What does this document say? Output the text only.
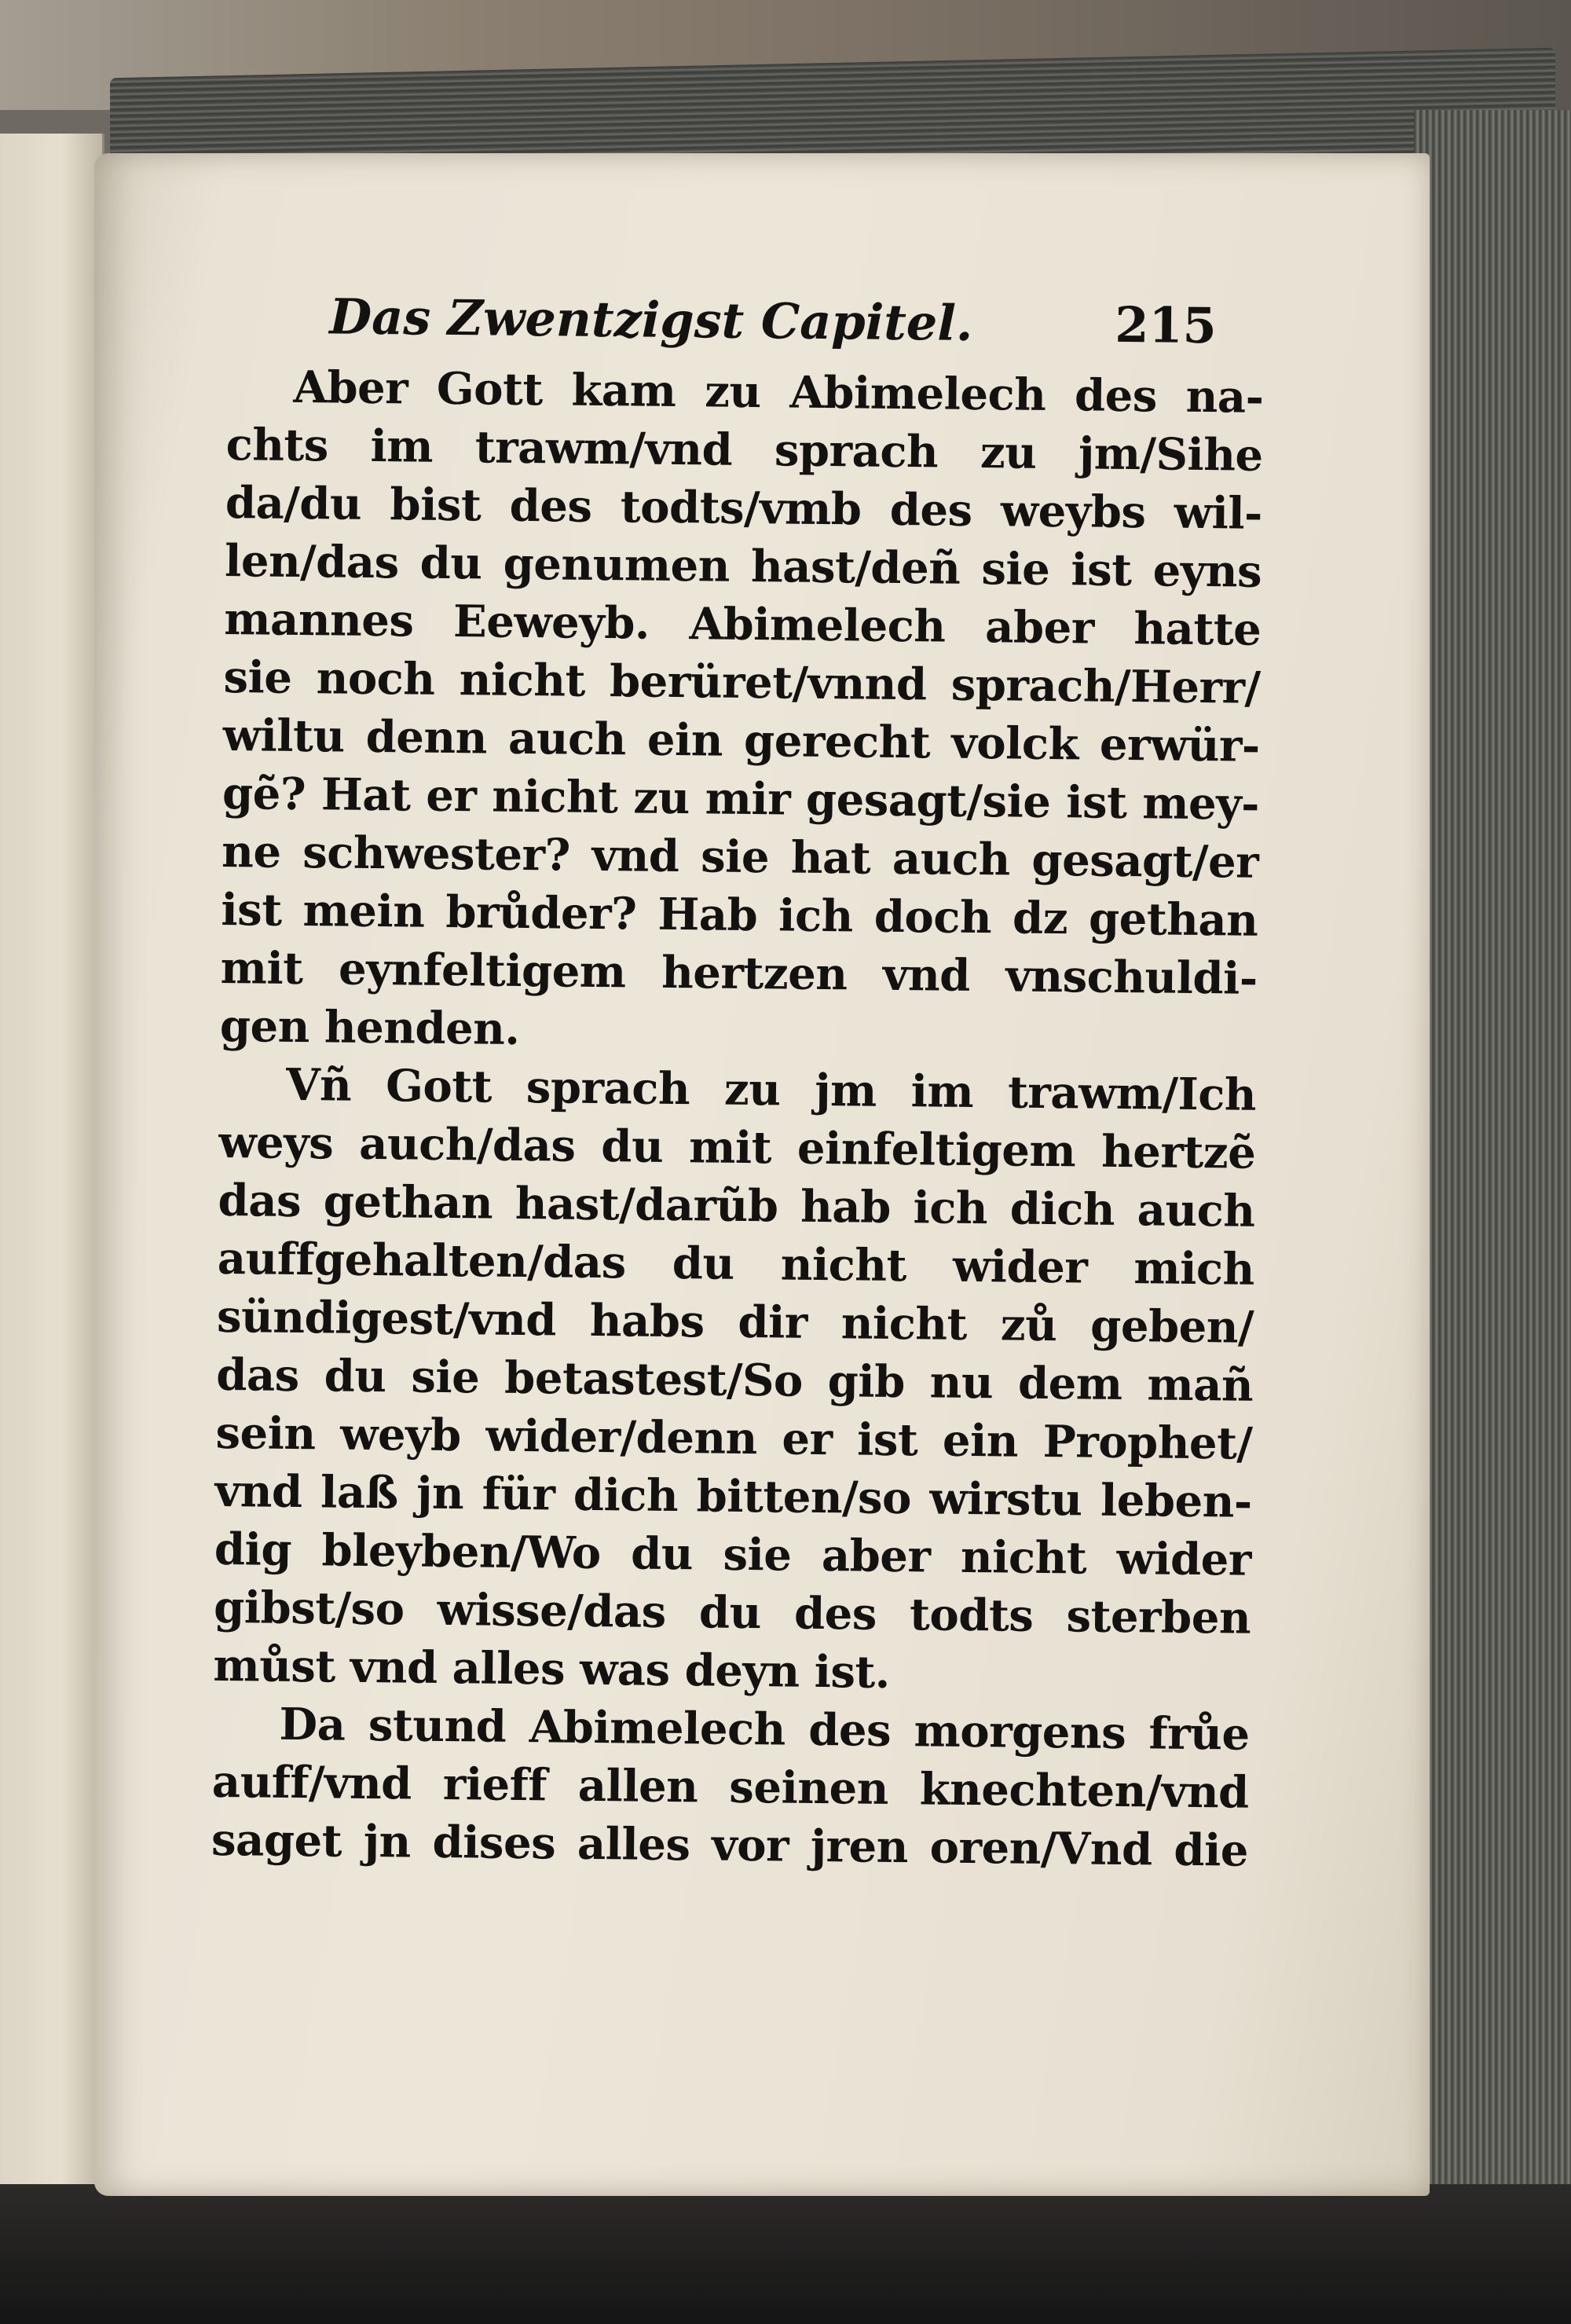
Das Zwentzigst Capitel.	215
Aber Gott kam zu Abimelech des na-
chts im trawm/vnd sprach zu jm/Sihe
da/du bist des todts/vmb des weybs wil-
len/das du genumen hast/deñ sie ist eyns
mannes Eeweyb. Abimelech aber hatte
sie noch nicht berüret/vnnd sprach/Herr/
wiltu denn auch ein gerecht volck erwür-
gẽ? Hat er nicht zu mir gesagt/sie ist mey-
ne schwester? vnd sie hat auch gesagt/er
ist mein brůder? Hab ich doch dz gethan
mit eynfeltigem hertzen vnd vnschuldi-
gen henden.
Vñ Gott sprach zu jm im trawm/Ich
weys auch/das du mit einfeltigem hertzẽ
das gethan hast/darũb hab ich dich auch
auffgehalten/das du nicht wider mich
sündigest/vnd habs dir nicht zů geben/
das du sie betastest/So gib nu dem mañ
sein weyb wider/denn er ist ein Prophet/
vnd laß jn für dich bitten/so wirstu leben-
dig bleyben/Wo du sie aber nicht wider
gibst/so wisse/das du des todts sterben
můst vnd alles was deyn ist.
Da stund Abimelech des morgens frůe
auff/vnd rieff allen seinen knechten/vnd
saget jn dises alles vor jren oren/Vnd die
